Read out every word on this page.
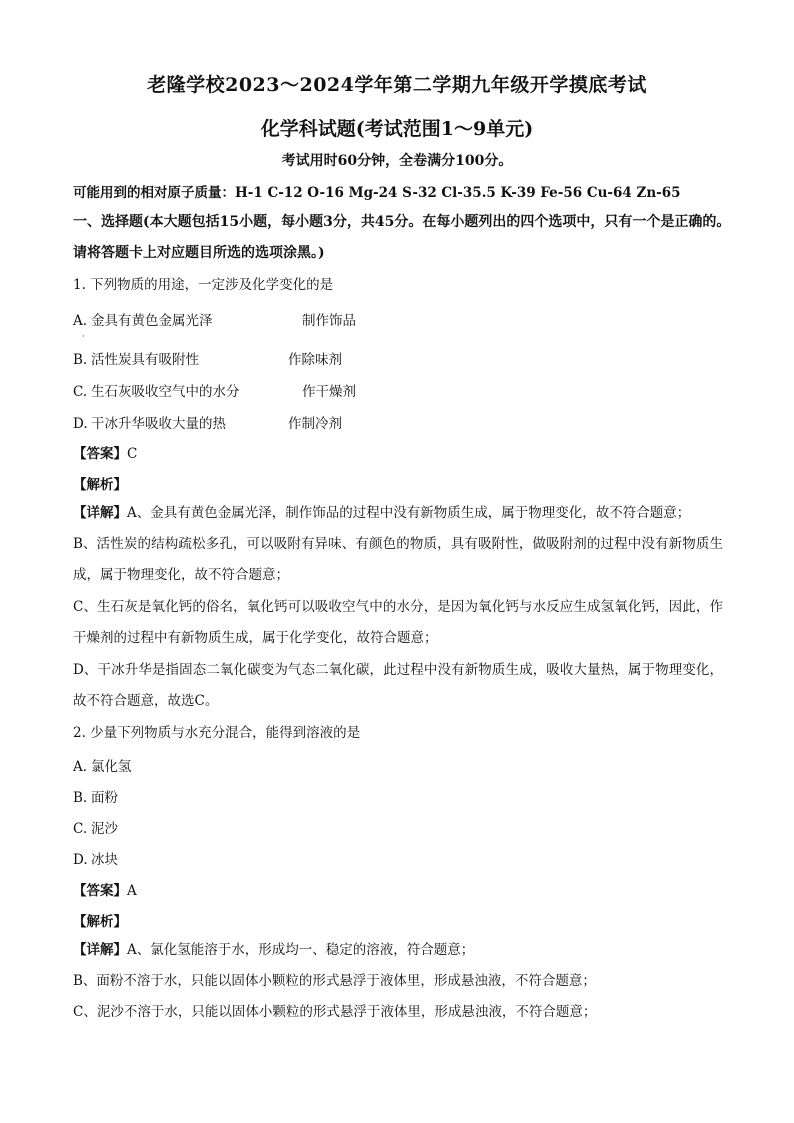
老隆学校2023～2024学年第二学期九年级开学摸底考试
化学科试题(考试范围1～9单元)
考试用时60分钟，全卷满分100分。
可能用到的相对原子质量：H-1 C-12 O-16 Mg-24 S-32 Cl-35.5 K-39 Fe-56 Cu-64 Zn-65
一、选择题(本大题包括15小题，每小题3分，共45分。在每小题列出的四个选项中，只有一个是正确的。请将答题卡上对应题目所选的选项涂黑。)
1. 下列物质的用途，一定涉及化学变化的是
A. 金具有黄色金属光泽	制作饰品
·
B. 活性炭具有吸附性	作除味剂
C. 生石灰吸收空气中的水分	作干燥剂
D. 干冰升华吸收大量的热	作制冷剂
【答案】C
【解析】
【详解】A、金具有黄色金属光泽，制作饰品的过程中没有新物质生成，属于物理变化，故不符合题意；
B、活性炭的结构疏松多孔，可以吸附有异味、有颜色的物质，具有吸附性，做吸附剂的过程中没有新物质生成，属于物理变化，故不符合题意；
C、生石灰是氧化钙的俗名，氧化钙可以吸收空气中的水分，是因为氧化钙与水反应生成氢氧化钙，因此，作干燥剂的过程中有新物质生成，属于化学变化，故符合题意；
D、干冰升华是指固态二氧化碳变为气态二氧化碳，此过程中没有新物质生成，吸收大量热，属于物理变化，故不符合题意，故选C。
2. 少量下列物质与水充分混合，能得到溶液的是
A. 氯化氢
B. 面粉
C. 泥沙
D. 冰块
【答案】A
【解析】
【详解】A、氯化氢能溶于水，形成均一、稳定的溶液，符合题意；
B、面粉不溶于水，只能以固体小颗粒的形式悬浮于液体里，形成悬浊液，不符合题意；
C、泥沙不溶于水，只能以固体小颗粒的形式悬浮于液体里，形成悬浊液，不符合题意；
